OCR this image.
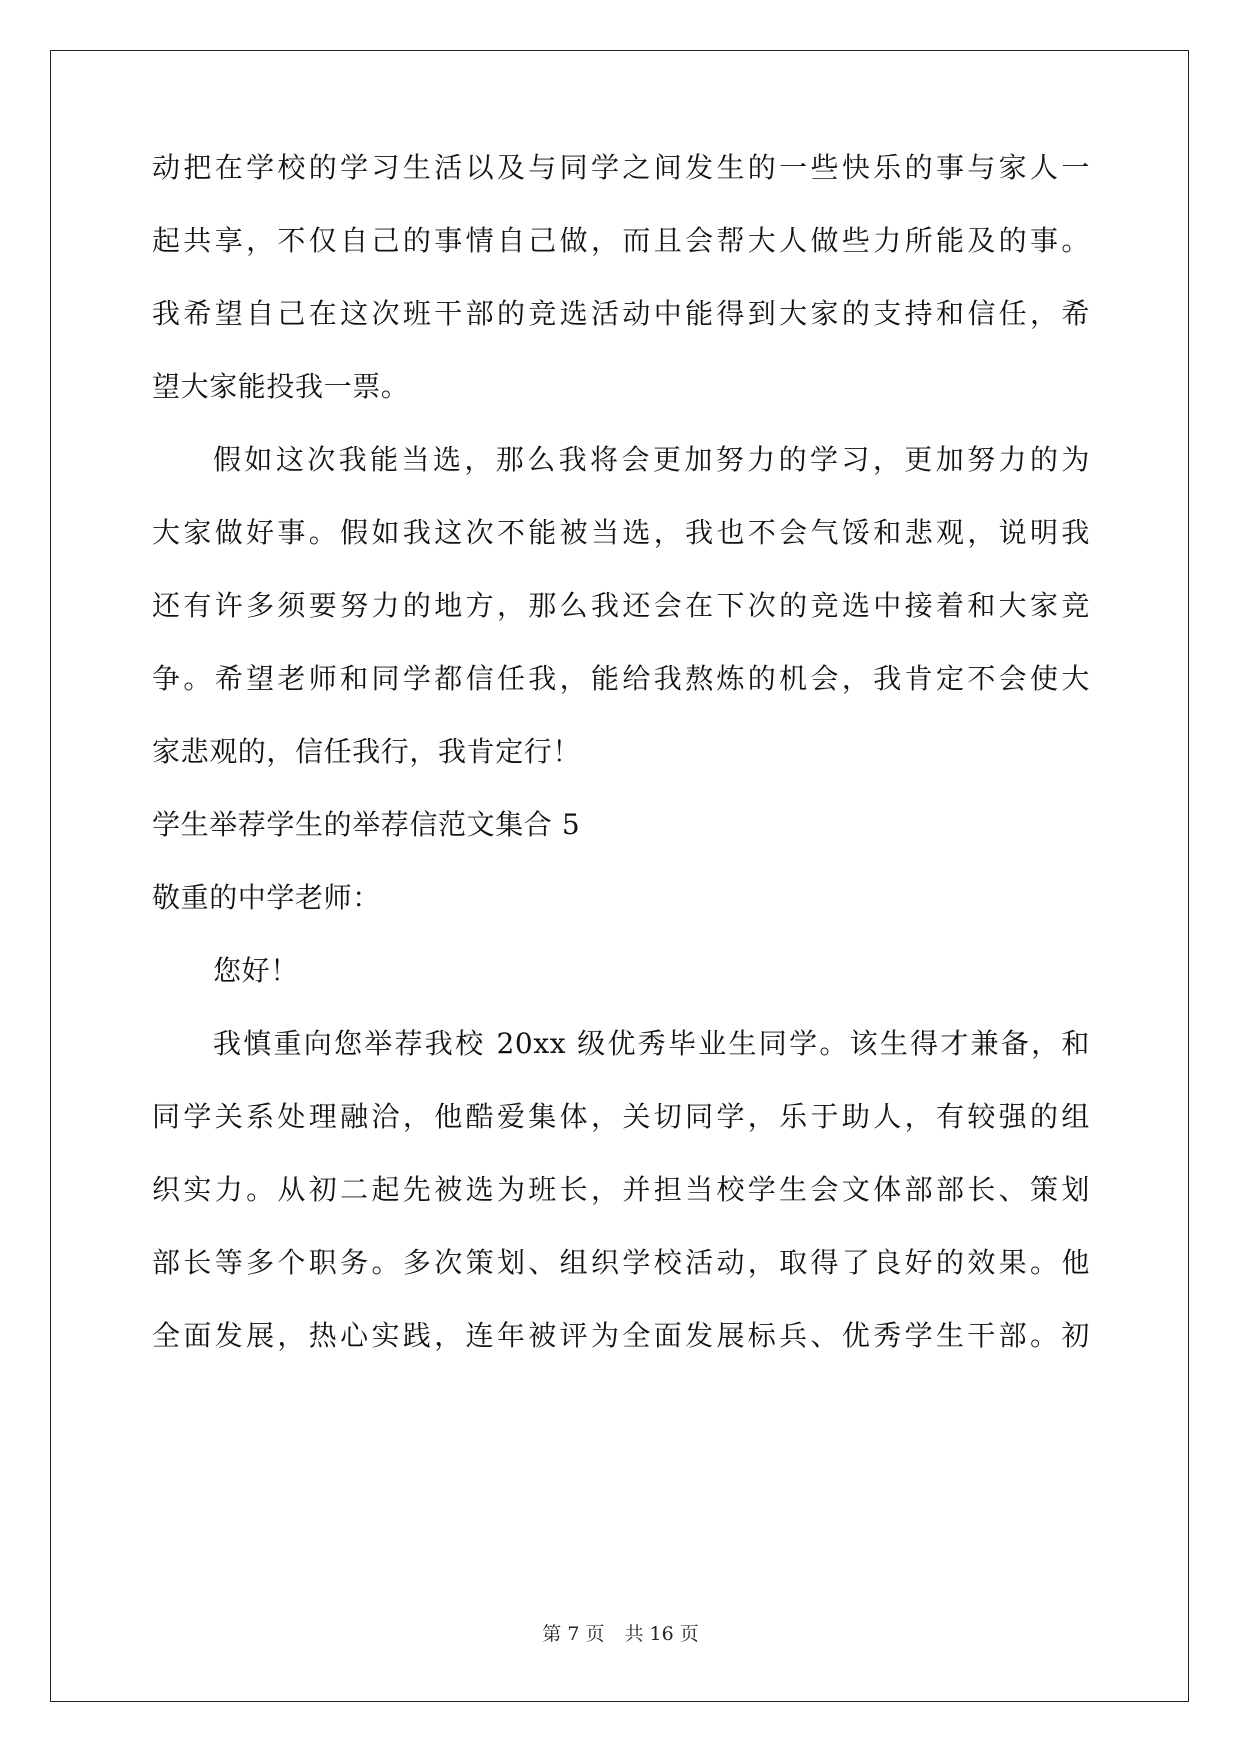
动把在学校的学习生活以及与同学之间发生的一些快乐的事与家人一
起共享，不仅自己的事情自己做，而且会帮大人做些力所能及的事。
我希望自己在这次班干部的竞选活动中能得到大家的支持和信任，希
望大家能投我一票。
假如这次我能当选，那么我将会更加努力的学习，更加努力的为
大家做好事。假如我这次不能被当选，我也不会气馁和悲观，说明我
还有许多须要努力的地方，那么我还会在下次的竞选中接着和大家竞
争。希望老师和同学都信任我，能给我熬炼的机会，我肯定不会使大
家悲观的，信任我行，我肯定行！
学生举荐学生的举荐信范文集合 5
敬重的中学老师：
您好！
我慎重向您举荐我校 20xx 级优秀毕业生同学。该生得才兼备，和
同学关系处理融洽，他酷爱集体，关切同学，乐于助人，有较强的组
织实力。从初二起先被选为班长，并担当校学生会文体部部长、策划
部长等多个职务。多次策划、组织学校活动，取得了良好的效果。他
全面发展，热心实践，连年被评为全面发展标兵、优秀学生干部。初
第 7 页 共 16 页
